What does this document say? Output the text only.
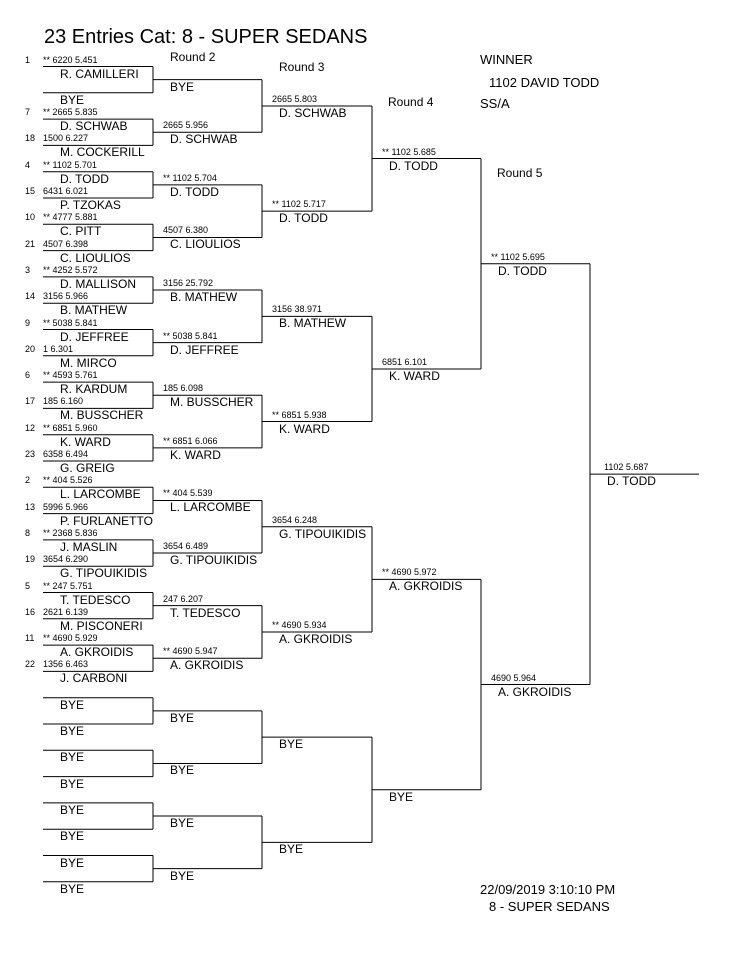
23 Entries Cat: 8 - SUPER SEDANS
WINNER
1102 DAVID TODD
SS/A
Round 2
Round 3
Round 4
Round 5
22/09/2019 3:10:10 PM
8 - SUPER SEDANS
1 ** 6220 5.451
R. CAMILLERI
BYE
7 ** 2665 5.835
D. SCHWAB
18 1500 6.227
M. COCKERILL
4 ** 1102 5.701
D. TODD
15 6431 6.021
P. TZOKAS
10 ** 4777 5.881
C. PITT
21 4507 6.398
C. LIOULIOS
3 ** 4252 5.572
D. MALLISON
14 3156 5.966
B. MATHEW
9 ** 5038 5.841
D. JEFFREE
20 1 6.301
M. MIRCO
6 ** 4593 5.761
R. KARDUM
17 185 6.160
M. BUSSCHER
12 ** 6851 5.960
K. WARD
23 6358 6.494
G. GREIG
2 ** 404 5.526
L. LARCOMBE
13 5996 5.966
P. FURLANETTO
8 ** 2368 5.836
J. MASLIN
19 3654 6.290
G. TIPOUIKIDIS
5 ** 247 5.751
T. TEDESCO
16 2621 6.139
M. PISCONERI
11 ** 4690 5.929
A. GKROIDIS
22 1356 6.463
J. CARBONI
BYE
BYE
BYE
BYE
BYE
BYE
BYE
BYE
BYE
2665 5.956
D. SCHWAB
** 1102 5.704
D. TODD
4507 6.380
C. LIOULIOS
3156 25.792
B. MATHEW
** 5038 5.841
D. JEFFREE
185 6.098
M. BUSSCHER
** 6851 6.066
K. WARD
** 404 5.539
L. LARCOMBE
3654 6.489
G. TIPOUIKIDIS
247 6.207
T. TEDESCO
** 4690 5.947
A. GKROIDIS
BYE
BYE
BYE
BYE
2665 5.803
D. SCHWAB
** 1102 5.717
D. TODD
3156 38.971
B. MATHEW
** 6851 5.938
K. WARD
3654 6.248
G. TIPOUIKIDIS
** 4690 5.934
A. GKROIDIS
BYE
BYE
** 1102 5.685
D. TODD
6851 6.101
K. WARD
** 4690 5.972
A. GKROIDIS
BYE
** 1102 5.695
D. TODD
4690 5.964
A. GKROIDIS
1102 5.687
D. TODD
